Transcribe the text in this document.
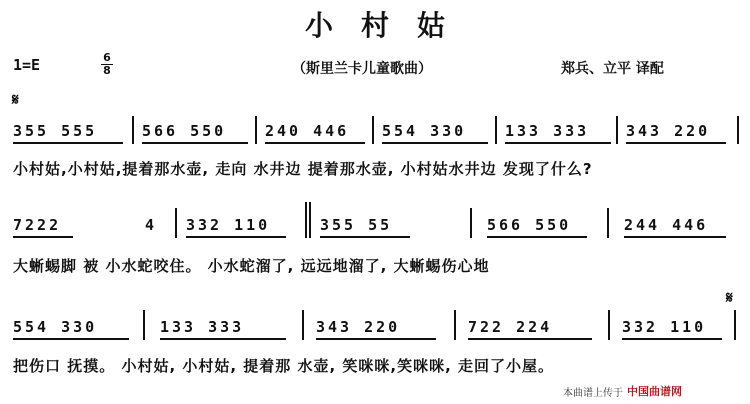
小村姑
1=E	6
8	（斯里兰卡儿童歌曲）	郑兵、立平 译配
𝄋
𝄋
355 555	566 550	240 446 554 330	133 333 343 220
小村姑,小村姑,提着那水壶, 走向 水井边 提着那水壶, 小村姑水井边 发现了什么?
7222	4 332 110	355 55	566 550	244 446
大蜥蜴脚 被 小水蛇咬住。 小水蛇溜了, 远远地溜了, 大蜥蜴伤心地
554 330	133 333	343 220	722 224	332 110
把伤口 抚摸。 小村姑, 小村姑, 提着那 水壶, 笑咪咪,笑咪咪, 走回了小屋。
本曲谱上传于 中国曲谱网
